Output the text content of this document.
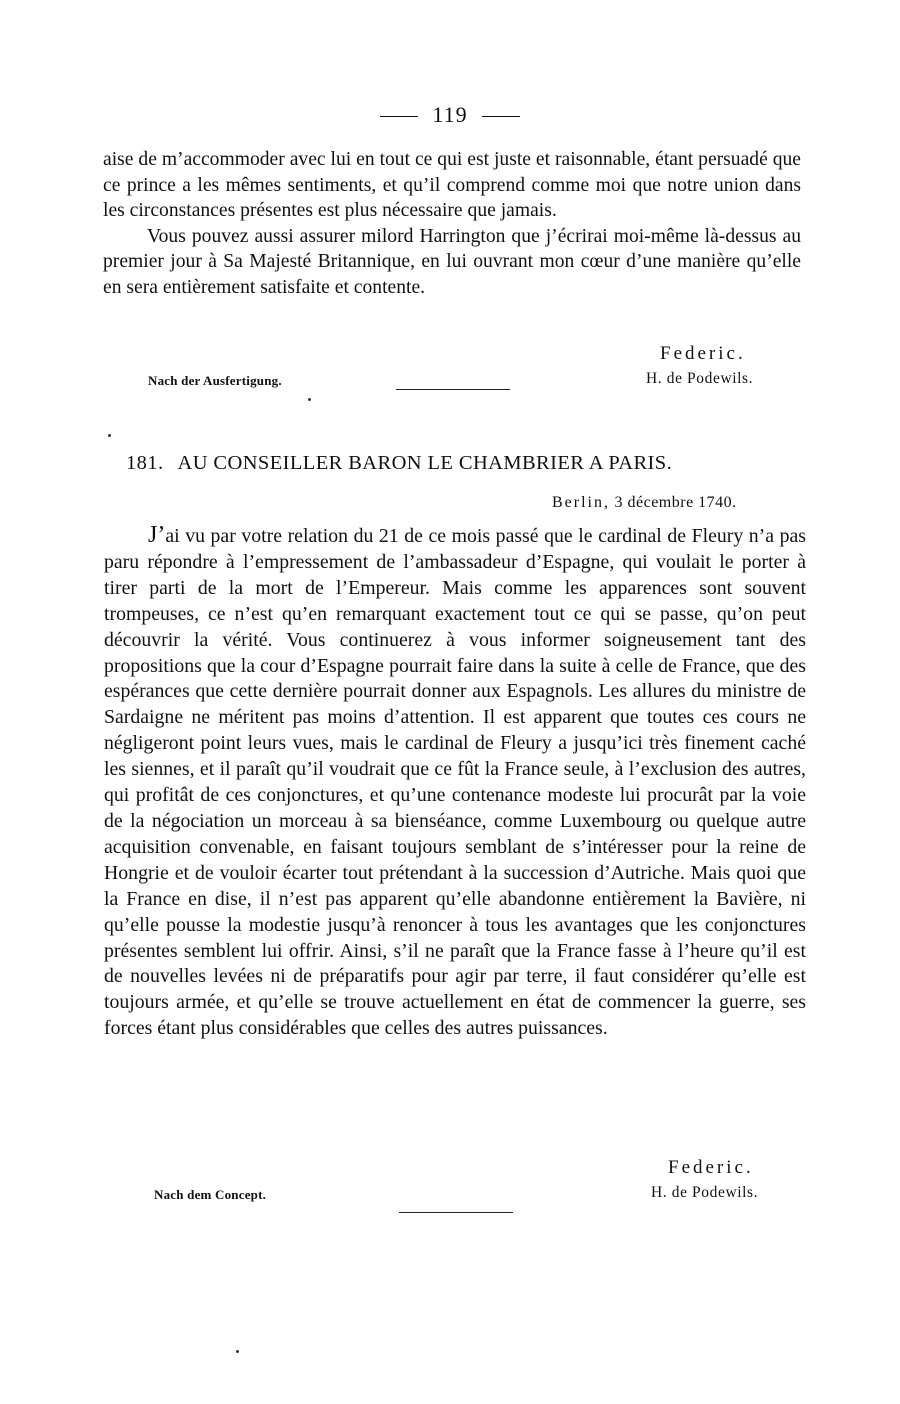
119

aise de m’accommoder avec lui en tout ce qui est juste et raisonnable, étant persuadé que ce prince a les mêmes sentiments, et qu’il comprend comme moi que notre union dans les circonstances présentes est plus nécessaire que jamais.

Vous pouvez aussi assurer milord Harrington que j’écrirai moi-même là-dessus au premier jour à Sa Majesté Britannique, en lui ouvrant mon cœur d’une manière qu’elle en sera entièrement satisfaite et contente.

Federic.
H. de Podewils.
Nach der Ausfertigung.
181. AU CONSEILLER BARON LE CHAMBRIER A PARIS.
Berlin, 3 décembre 1740.

J’ai vu par votre relation du 21 de ce mois passé que le cardinal de Fleury n’a pas paru répondre à l’empressement de l’ambassadeur d’Espagne, qui voulait le porter à tirer parti de la mort de l’Empereur. Mais comme les apparences sont souvent trompeuses, ce n’est qu’en remarquant exactement tout ce qui se passe, qu’on peut découvrir la vérité. Vous continuerez à vous informer soigneusement tant des propositions que la cour d’Espagne pourrait faire dans la suite à celle de France, que des espérances que cette dernière pourrait donner aux Espagnols. Les allures du ministre de Sardaigne ne méritent pas moins d’attention. Il est apparent que toutes ces cours ne négligeront point leurs vues, mais le cardinal de Fleury a jusqu’ici très finement caché les siennes, et il paraît qu’il voudrait que ce fût la France seule, à l’exclusion des autres, qui profitât de ces conjonctures, et qu’une contenance modeste lui procurât par la voie de la négociation un morceau à sa bienséance, comme Luxembourg ou quelque autre acquisition convenable, en faisant toujours semblant de s’intéresser pour la reine de Hongrie et de vouloir écarter tout prétendant à la succession d’Autriche. Mais quoi que la France en dise, il n’est pas apparent qu’elle abandonne entièrement la Bavière, ni qu’elle pousse la modestie jusqu’à renoncer à tous les avantages que les conjonctures présentes semblent lui offrir. Ainsi, s’il ne paraît que la France fasse à l’heure qu’il est de nouvelles levées ni de préparatifs pour agir par terre, il faut considérer qu’elle est toujours armée, et qu’elle se trouve actuellement en état de commencer la guerre, ses forces étant plus considérables que celles des autres puissances.

Federic.
H. de Podewils.
Nach dem Concept.
